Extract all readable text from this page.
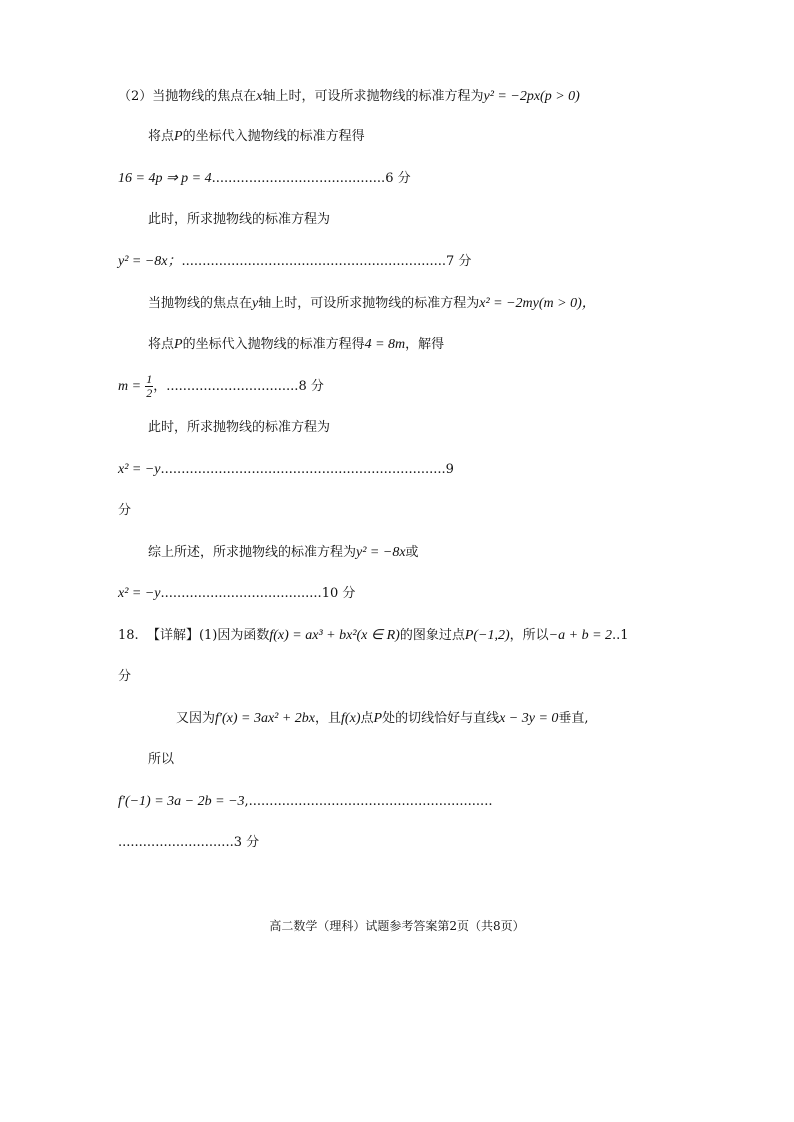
（2）当抛物线的焦点在x轴上时，可设所求抛物线的标准方程为y² = −2px(p > 0)
将点P的坐标代入抛物线的标准方程得
16 = 4p ⇒ p = 4..........................................6 分
此时，所求抛物线的标准方程为
y² = −8x；................................................................7 分
当抛物线的焦点在y轴上时，可设所求抛物线的标准方程为x² = −2my(m > 0)，
将点P的坐标代入抛物线的标准方程得4 = 8m，解得
$m = \frac{1}{2}$ ，................................8 分
此时，所求抛物线的标准方程为
x² = −y.....................................................................9
分
综上所述，所求抛物线的标准方程为y² = −8x或
x² = −y.......................................10 分
18. 【详解】(1)因为函数f(x) = ax³ + bx²(x ∈ R)的图象过点P(−1,2)，所以−a + b = 2..1
分
又因为f′(x) = 3ax² + 2bx，且f(x)点P处的切线恰好与直线x − 3y = 0垂直,
所以
f′(−1) = 3a − 2b = −3,...........................................................
............................3 分
高二数学（理科）试题参考答案第2页（共8页）
